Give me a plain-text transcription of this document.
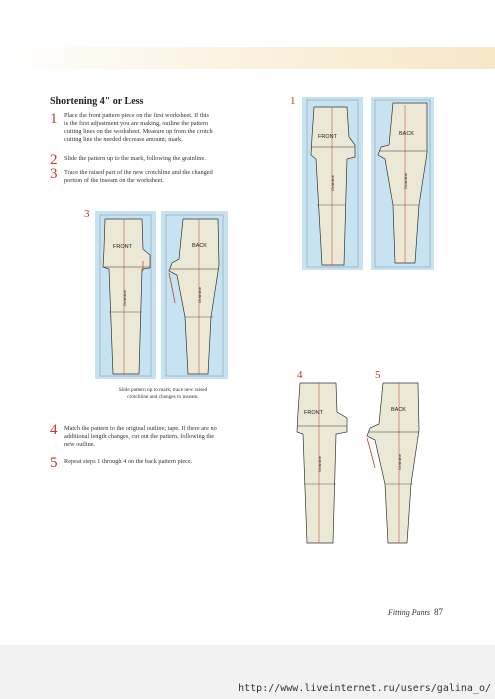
Shortening 4" or Less
1 Place the front pattern piece on the first worksheet. If this
is the first adjustment you are making, outline the pattern
cutting lines on the worksheet. Measure up from the crotch
cutting line the needed decrease amount; mark.
2 Slide the pattern up to the mark, following the grainline.
3 Trace the raised part of the new crotchline and the changed
portion of the inseam on the worksheet.
1
FRONT
Grainline
BACK
Grainline
3
FRONT
Grainline
BACK
Grainline
Slide pattern up to mark; trace new raised
crotchline and changes to inseam.
4 Match the pattern to the original outline; tape. If there are no
additional length changes, cut out the pattern, following the
new outline.
5 Repeat steps 1 through 4 on the back pattern piece.
4	5
FRONT
Grainline
BACK
Grainline
Fitting Pants 87
http://www.liveinternet.ru/users/galina_o/
